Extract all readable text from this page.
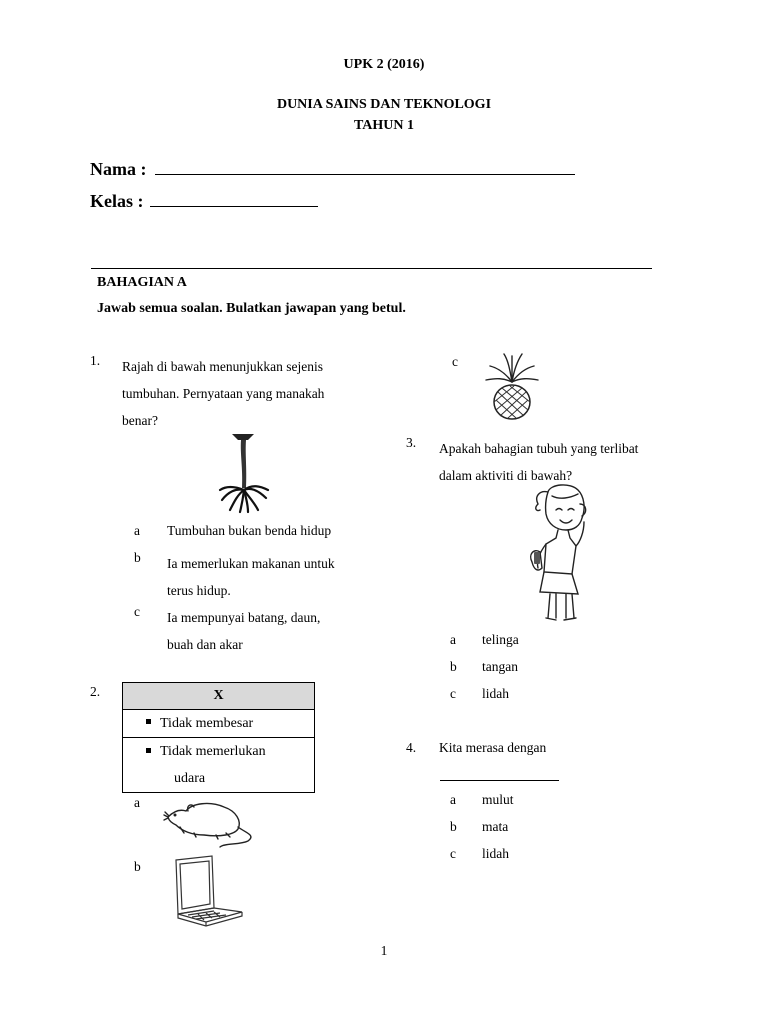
UPK 2 (2016)
DUNIA SAINS DAN TEKNOLOGI
TAHUN 1
Nama :
Kelas :
BAHAGIAN A
Jawab semua soalan. Bulatkan jawapan yang betul.
1. Rajah di bawah menunjukkan sejenis
tumbuhan. Pernyataan yang manakah
benar?
a Tumbuhan bukan benda hidup
b Ia memerlukan makanan untuk
terus hidup.
c Ia mempunyai batang, daun,
buah dan akar
2.	X
Tidak membesar
Tidak memerlukan
udara
a
b
c
3. Apakah bahagian tubuh yang terlibat
dalam aktiviti di bawah?
a telinga
b tangan
c lidah
4. Kita merasa dengan
a mulut
b mata
c lidah
1
